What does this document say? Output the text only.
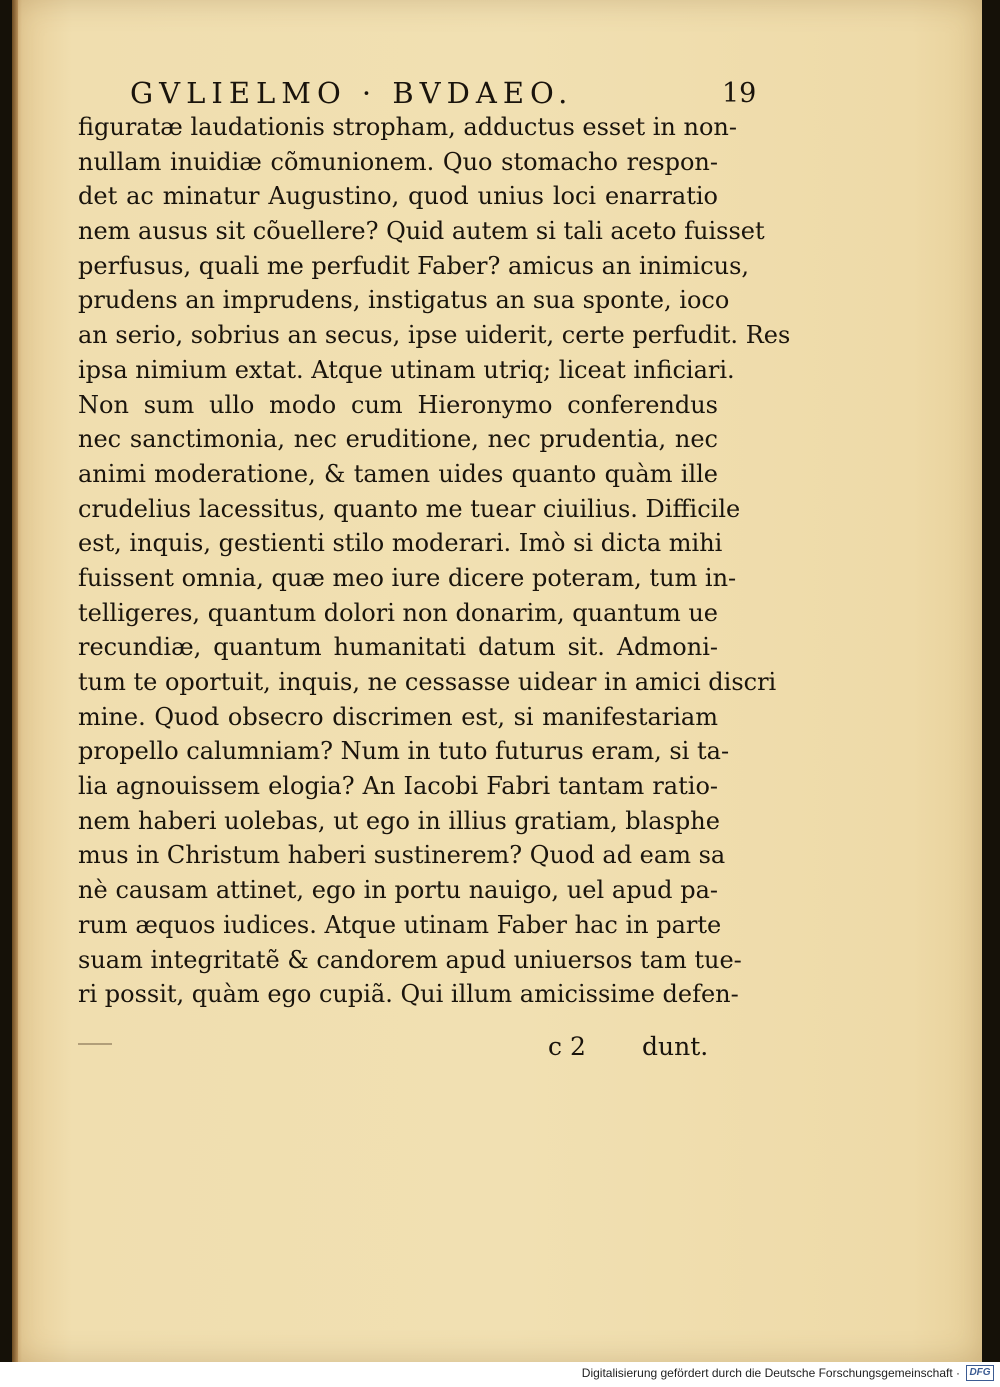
GVLIELMO · BVDAEO.	19
figuratæ laudationis stropham, adductus esset in non-
nullam inuidiæ cõmunionem. Quo stomacho respon-
det ac minatur Augustino, quod unius loci enarratio
nem ausus sit cõuellere? Quid autem si tali aceto fuisset
perfusus, quali me perfudit Faber? amicus an inimicus,
prudens an imprudens, instigatus an sua sponte, ioco
an serio, sobrius an secus, ipse uiderit, certe perfudit. Res
ipsa nimium extat. Atque utinam utriq; liceat inficiari.
Non sum ullo modo cum Hieronymo conferendus
nec sanctimonia, nec eruditione, nec prudentia, nec
animi moderatione, & tamen uides quanto quàm ille
crudelius lacessitus, quanto me tuear ciuilius. Difficile
est, inquis, gestienti stilo moderari. Imò si dicta mihi
fuissent omnia, quæ meo iure dicere poteram, tum in-
telligeres, quantum dolori non donarim, quantum ue
recundiæ, quantum humanitati datum sit. Admoni-
tum te oportuit, inquis, ne cessasse uidear in amici discri
mine. Quod obsecro discrimen est, si manifestariam
propello calumniam? Num in tuto futurus eram, si ta-
lia agnouissem elogia? An Iacobi Fabri tantam ratio-
nem haberi uolebas, ut ego in illius gratiam, blasphe
mus in Christum haberi sustinerem? Quod ad eam sa
nè causam attinet, ego in portu nauigo, uel apud pa-
rum æquos iudices. Atque utinam Faber hac in parte
suam integritatẽ & candorem apud uniuersos tam tue-
ri possit, quàm ego cupiã. Qui illum amicissime defen-
c 2 dunt.
Digitalisierung gefördert durch die Deutsche Forschungsgemeinschaft · DFG
